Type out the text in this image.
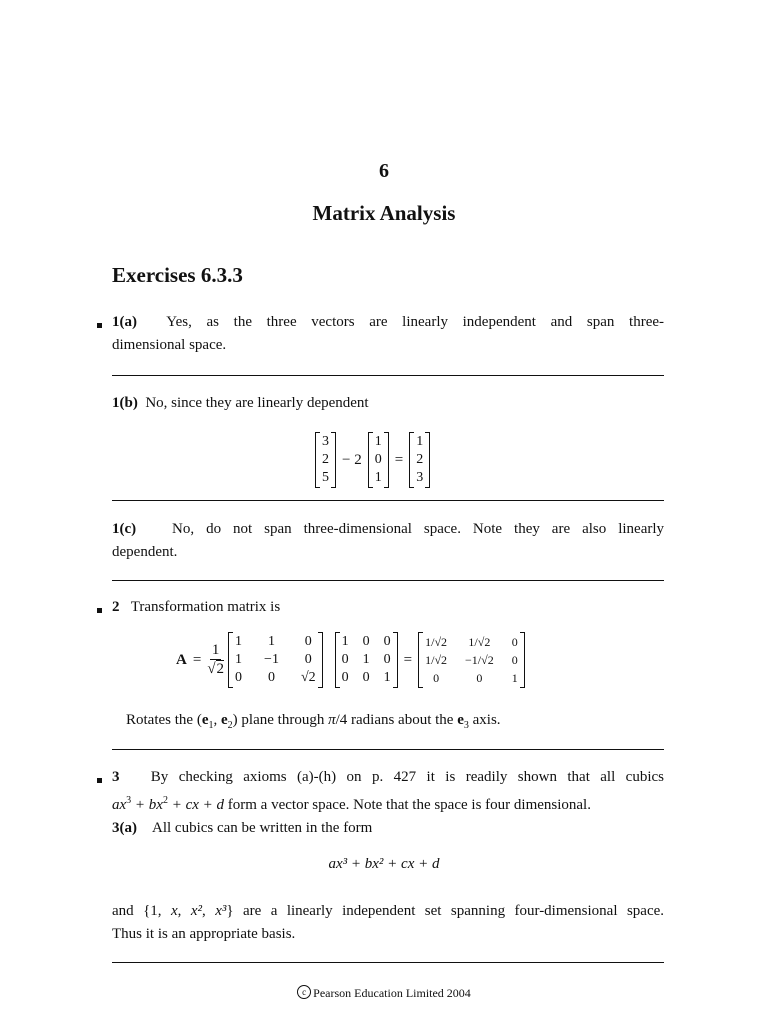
6
Matrix Analysis
Exercises 6.3.3
1(a) Yes, as the three vectors are linearly independent and span three-
dimensional space.
1(b) No, since they are linearly dependent
3
2
5
− 2
1
0
1
=
1
2
3
1(c) No, do not span three-dimensional space. Note they are also linearly
dependent.
2 Transformation matrix is
$A = \frac{1}{√2}$
1 1 0
1 −1 0
0 0 √2
1 0 0
0 1 0
0 0 1
=
1/√2 1/√2 0
1/√2 −1/√2 0
0	0	1
Rotates the ($e_1$, $e_2$) plane through π/4 radians about the $e_3$ axis.
3 By checking axioms (a)-(h) on p. 427 it is readily shown that all cubics
$ax^3 + bx^2$ + cx + d form a vector space. Note that the space is four dimensional.
3(a) All cubics can be written in the form
ax³ + bx² + cx + d
and {1, x, x², x³} are a linearly independent set spanning four-dimensional space.
Thus it is an appropriate basis.
c Pearson Education Limited 2004
